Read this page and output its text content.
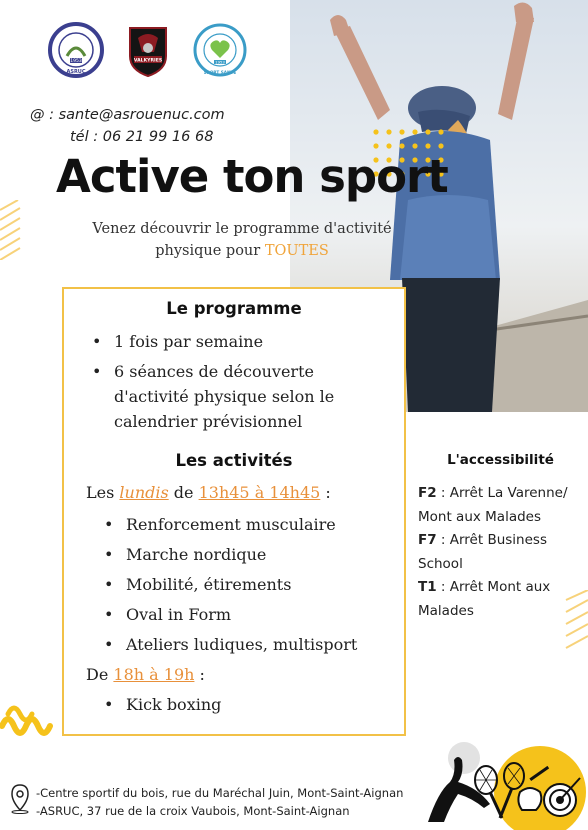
1953
ASRUC
VALKYRIES	1953
SPORT SANTÉ
@ : sante@asrouenuc.com
tél : 06 21 99 16 68
Active ton sport
Venez découvrir le programme d'activité
physique pour TOUTES
Le programme
• 1 fois par semaine
• 6 séances de découverte d'activité physique selon le calendrier prévisionnel
Les activités
Les lundis de 13h45 à 14h45 :
• Renforcement musculaire
• Marche nordique
• Mobilité, étirements
• Oval in Form
• Ateliers ludiques, multisport
De 18h à 19h :
• Kick boxing
L'accessibilité
F2 : Arrêt La Varenne/ Mont aux Malades
F7 : Arrêt Business School
T1 : Arrêt Mont aux Malades
-Centre sportif du bois, rue du Maréchal Juin, Mont-Saint-Aignan
-ASRUC, 37 rue de la croix Vaubois, Mont-Saint-Aignan
